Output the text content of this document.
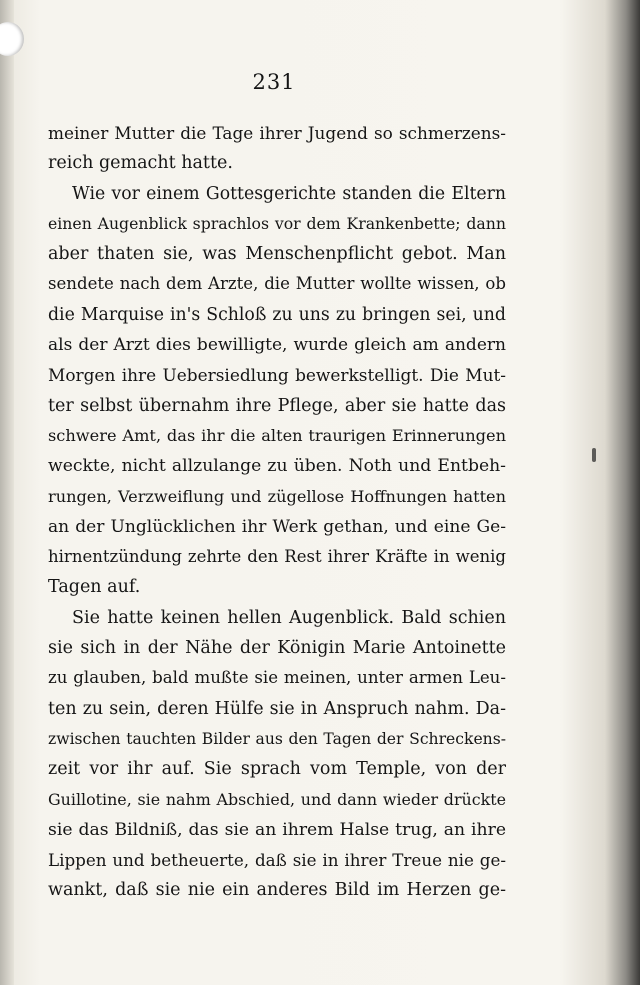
231
meiner Mutter die Tage ihrer Jugend so schmerzens-
reich gemacht hatte.
Wie vor einem Gottesgerichte standen die Eltern
einen Augenblick sprachlos vor dem Krankenbette; dann
aber thaten sie, was Menschenpflicht gebot. Man
sendete nach dem Arzte, die Mutter wollte wissen, ob
die Marquise in's Schloß zu uns zu bringen sei, und
als der Arzt dies bewilligte, wurde gleich am andern
Morgen ihre Uebersiedlung bewerkstelligt. Die Mut-
ter selbst übernahm ihre Pflege, aber sie hatte das
schwere Amt, das ihr die alten traurigen Erinnerungen
weckte, nicht allzulange zu üben. Noth und Entbeh-
rungen, Verzweiflung und zügellose Hoffnungen hatten
an der Unglücklichen ihr Werk gethan, und eine Ge-
hirnentzündung zehrte den Rest ihrer Kräfte in wenig
Tagen auf.
Sie hatte keinen hellen Augenblick. Bald schien
sie sich in der Nähe der Königin Marie Antoinette
zu glauben, bald mußte sie meinen, unter armen Leu-
ten zu sein, deren Hülfe sie in Anspruch nahm. Da-
zwischen tauchten Bilder aus den Tagen der Schreckens-
zeit vor ihr auf. Sie sprach vom Temple, von der
Guillotine, sie nahm Abschied, und dann wieder drückte
sie das Bildniß, das sie an ihrem Halse trug, an ihre
Lippen und betheuerte, daß sie in ihrer Treue nie ge-
wankt, daß sie nie ein anderes Bild im Herzen ge-
